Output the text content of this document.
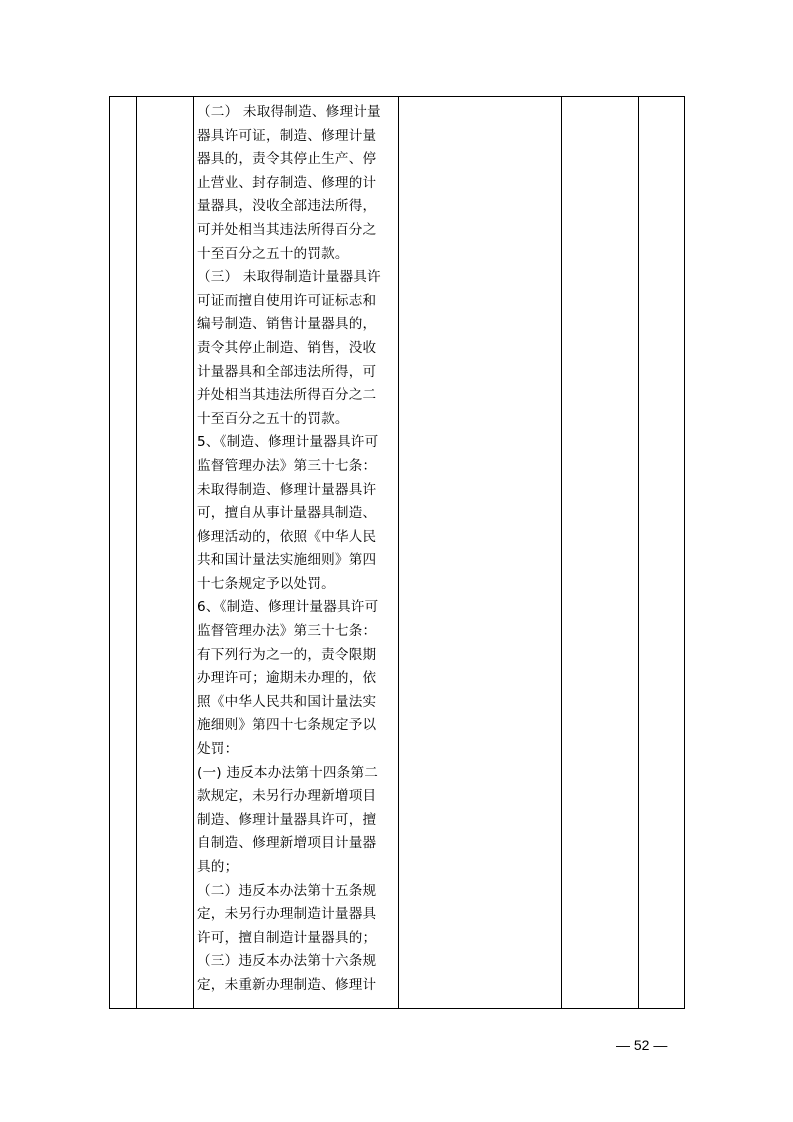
（二） 未取得制造、修理计量

器具许可证，制造、修理计量

器具的，责令其停止生产、停

止营业、封存制造、修理的计

量器具，没收全部违法所得，

可并处相当其违法所得百分之

十至百分之五十的罚款。

（三） 未取得制造计量器具许

可证而擅自使用许可证标志和

编号制造、销售计量器具的，

责令其停止制造、销售，没收

计量器具和全部违法所得，可

并处相当其违法所得百分之二

十至百分之五十的罚款。

5、《制造、修理计量器具许可

监督管理办法》第三十七条：

未取得制造、修理计量器具许

可，擅自从事计量器具制造、

修理活动的，依照《中华人民

共和国计量法实施细则》第四

十七条规定予以处罚。

6、《制造、修理计量器具许可

监督管理办法》第三十七条：

有下列行为之一的，责令限期

办理许可；逾期未办理的，依

照《中华人民共和国计量法实

施细则》第四十七条规定予以

处罚：

(一) 违反本办法第十四条第二

款规定，未另行办理新增项目

制造、修理计量器具许可，擅

自制造、修理新增项目计量器

具的；

（二）违反本办法第十五条规

定，未另行办理制造计量器具

许可，擅自制造计量器具的；

（三）违反本办法第十六条规

定，未重新办理制造、修理计

— 52 —
